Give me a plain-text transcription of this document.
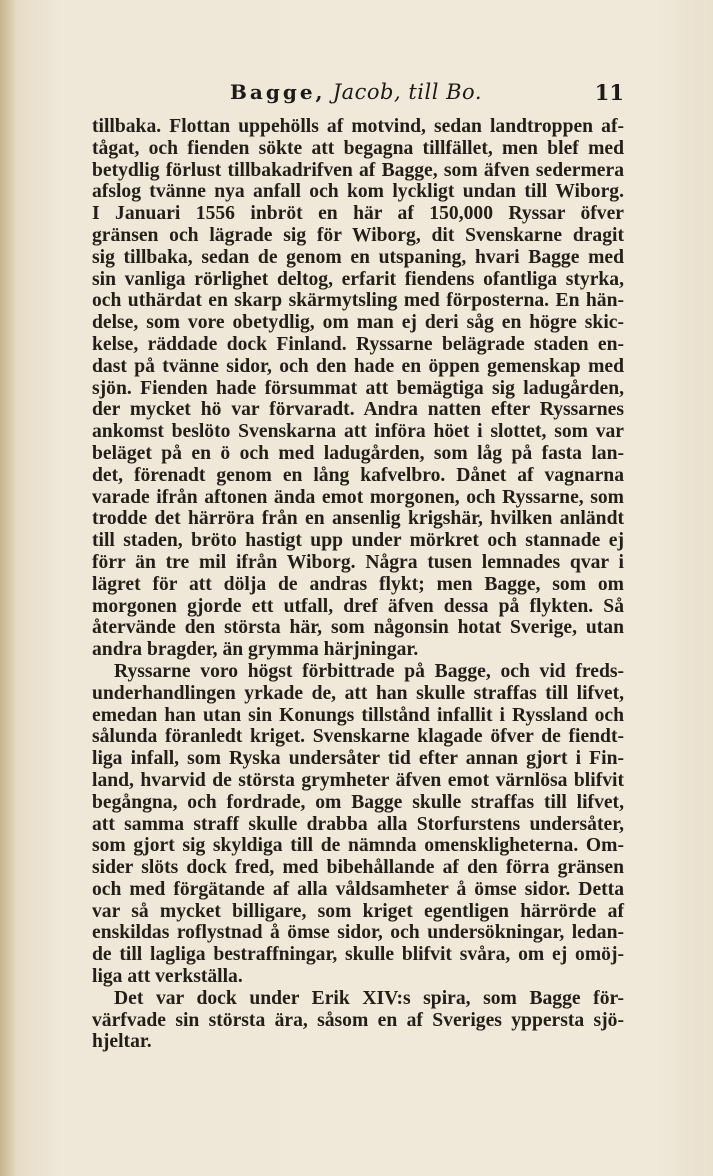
Bagge, Jacob, till Bo.	11

tillbaka. Flottan uppehölls af motvind, sedan landtroppen af-
tågat, och fienden sökte att begagna tillfället, men blef med
betydlig förlust tillbakadrifven af Bagge, som äfven sedermera
afslog tvänne nya anfall och kom lyckligt undan till Wiborg.
I Januari 1556 inbröt en här af 150,000 Ryssar öfver
gränsen och lägrade sig för Wiborg, dit Svenskarne dragit
sig tillbaka, sedan de genom en utspaning, hvari Bagge med
sin vanliga rörlighet deltog, erfarit fiendens ofantliga styrka,
och uthärdat en skarp skärmytsling med förposterna. En hän-
delse, som vore obetydlig, om man ej deri såg en högre skic-
kelse, räddade dock Finland. Ryssarne belägrade staden en-
dast på tvänne sidor, och den hade en öppen gemenskap med
sjön. Fienden hade försummat att bemägtiga sig ladugården,
der mycket hö var förvaradt. Andra natten efter Ryssarnes
ankomst beslöto Svenskarna att införa höet i slottet, som var
beläget på en ö och med ladugården, som låg på fasta lan-
det, förenadt genom en lång kafvelbro. Dånet af vagnarna
varade ifrån aftonen ända emot morgonen, och Ryssarne, som
trodde det härröra från en ansenlig krigshär, hvilken anländt
till staden, bröto hastigt upp under mörkret och stannade ej
förr än tre mil ifrån Wiborg. Några tusen lemnades qvar i
lägret för att dölja de andras flykt; men Bagge, som om
morgonen gjorde ett utfall, dref äfven dessa på flykten. Så
återvände den största här, som någonsin hotat Sverige, utan
andra bragder, än grymma härjningar.

Ryssarne voro högst förbittrade på Bagge, och vid freds-
underhandlingen yrkade de, att han skulle straffas till lifvet,
emedan han utan sin Konungs tillstånd infallit i Ryssland och
sålunda föranledt kriget. Svenskarne klagade öfver de fiendt-
liga infall, som Ryska undersåter tid efter annan gjort i Fin-
land, hvarvid de största grymheter äfven emot värnlösa blifvit
begångna, och fordrade, om Bagge skulle straffas till lifvet,
att samma straff skulle drabba alla Storfurstens undersåter,
som gjort sig skyldiga till de nämnda omenskligheterna. Om-
sider slöts dock fred, med bibehållande af den förra gränsen
och med förgätande af alla våldsamheter å ömse sidor. Detta
var så mycket billigare, som kriget egentligen härrörde af
enskildas roflystnad å ömse sidor, och undersökningar, ledan-
de till lagliga bestraffningar, skulle blifvit svåra, om ej omöj-
liga att verkställa.

Det var dock under Erik XIV:s spira, som Bagge för-
värfvade sin största ära, såsom en af Sveriges yppersta sjö-
hjeltar.
